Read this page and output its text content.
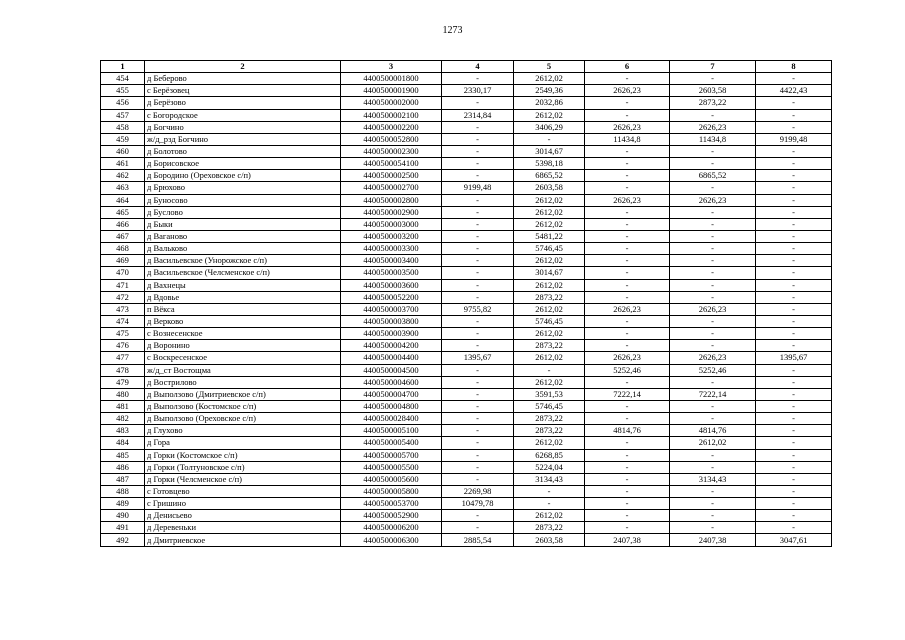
1273
1	2	3	4	5	6	7	8
454	д Беберово	4400500001800	-	2612,02	-	-	-
455	с Берёзовец	4400500001900	2330,17	2549,36	2626,23	2603,58	4422,43
456	д Берёзово	4400500002000	-	2032,86	-	2873,22	-
457	с Богородское	4400500002100	2314,84	2612,02	-	-	-
458	д Богчино	4400500002200	-	3406,29	2626,23	2626,23	-
459	ж/д_рзд Богчино	4400500052800	-	-	11434,8	11434,8	9199,48
460	д Болотово	4400500002300	-	3014,67	-	-	-
461	д Борисовское	4400500054100	-	5398,18	-	-	-
462	д Бородино (Ореховское с/п)	4400500002500	-	6865,52	-	6865,52	-
463	д Брюхово	4400500002700	9199,48	2603,58	-	-	-
464	д Буносово	4400500002800	-	2612,02	2626,23	2626,23	-
465	д Буслово	4400500002900	-	2612,02	-	-	-
466	д Быки	4400500003000	-	2612,02	-	-	-
467	д Ваганово	4400500003200	-	5481,22	-	-	-
468	д Вальково	4400500003300	-	5746,45	-	-	-
469	д Васильевское (Унорожское с/п)	4400500003400	-	2612,02	-	-	-
470	д Васильевское (Челсменское с/п)	4400500003500	-	3014,67	-	-	-
471	д Вахнецы	4400500003600	-	2612,02	-	-	-
472	д Вдовье	4400500052200	-	2873,22	-	-	-
473	п Вёкса	4400500003700	9755,82	2612,02	2626,23	2626,23	-
474	д Верково	4400500003800	-	5746,45	-	-	-
475	с Вознесенское	4400500003900	-	2612,02	-	-	-
476	д Воронино	4400500004200	-	2873,22	-	-	-
477	с Воскресенское	4400500004400	1395,67	2612,02	2626,23	2626,23	1395,67
478	ж/д_ст Востощма	4400500004500	-	-	5252,46	5252,46	-
479	д Вострилово	4400500004600	-	2612,02	-	-	-
480	д Выползово (Дмитриевское с/п)	4400500004700	-	3591,53	7222,14	7222,14	-
481	д Выползово (Костомское с/п)	4400500004800	-	5746,45	-	-	-
482	д Выползово (Ореховское с/п)	4400500028400	-	2873,22	-	-	-
483	д Глухово	4400500005100	-	2873,22	4814,76	4814,76	-
484	д Гора	4400500005400	-	2612,02	-	2612,02	-
485	д Горки (Костомское с/п)	4400500005700	-	6268,85	-	-	-
486	д Горки (Толтуновское с/п)	4400500005500	-	5224,04	-	-	-
487	д Горки (Челсменское с/п)	4400500005600	-	3134,43	-	3134,43	-
488	с Готовцево	4400500005800	2269,98	-	-	-	-
489	с Гришино	4400500053700	10479,78	-	-	-	-
490	д Денисьево	4400500052900	-	2612,02	-	-	-
491	д Деревеньки	4400500006200	-	2873,22	-	-	-
492	д Дмитриевское	4400500006300	2885,54	2603,58	2407,38	2407,38	3047,61
